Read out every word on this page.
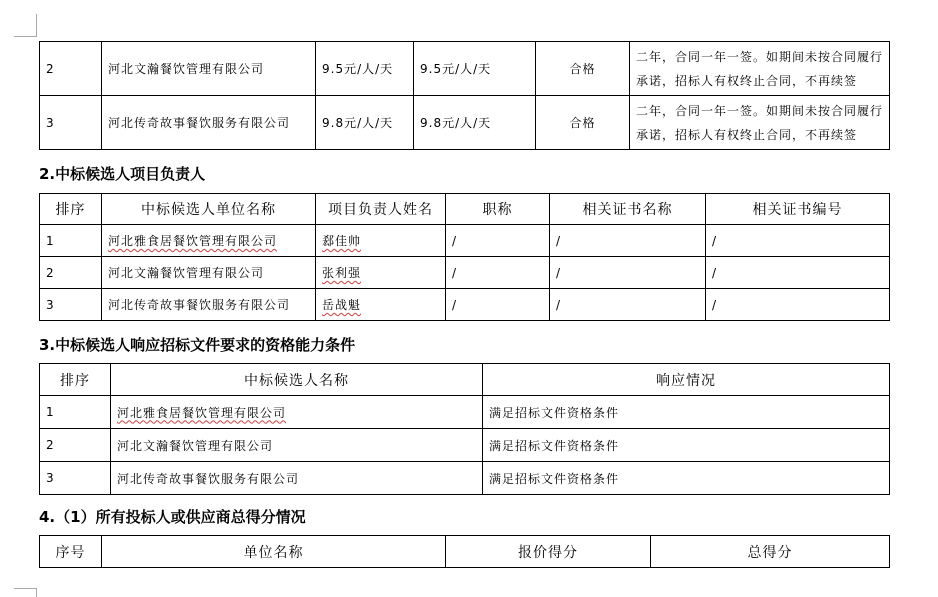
2	河北文瀚餐饮管理有限公司	9.5元/人/天	9.5元/人/天	合格	二年，合同一年一签。如期间未按合同履行承诺，招标人有权终止合同，不再续签
3	河北传奇故事餐饮服务有限公司	9.8元/人/天	9.8元/人/天	合格	二年，合同一年一签。如期间未按合同履行承诺，招标人有权终止合同，不再续签
2.中标候选人项目负责人
排序	中标候选人单位名称	项目负责人姓名	职称	相关证书名称	相关证书编号
1	河北雅食居餐饮管理有限公司	郄佳帅	/	/	/
2	河北文瀚餐饮管理有限公司	张利强	/	/	/
3	河北传奇故事餐饮服务有限公司	岳战魁	/	/	/
3.中标候选人响应招标文件要求的资格能力条件
排序	中标候选人名称	响应情况
1	河北雅食居餐饮管理有限公司	满足招标文件资格条件
2	河北文瀚餐饮管理有限公司	满足招标文件资格条件
3	河北传奇故事餐饮服务有限公司	满足招标文件资格条件
4.（1）所有投标人或供应商总得分情况
序号	单位名称	报价得分	总得分
